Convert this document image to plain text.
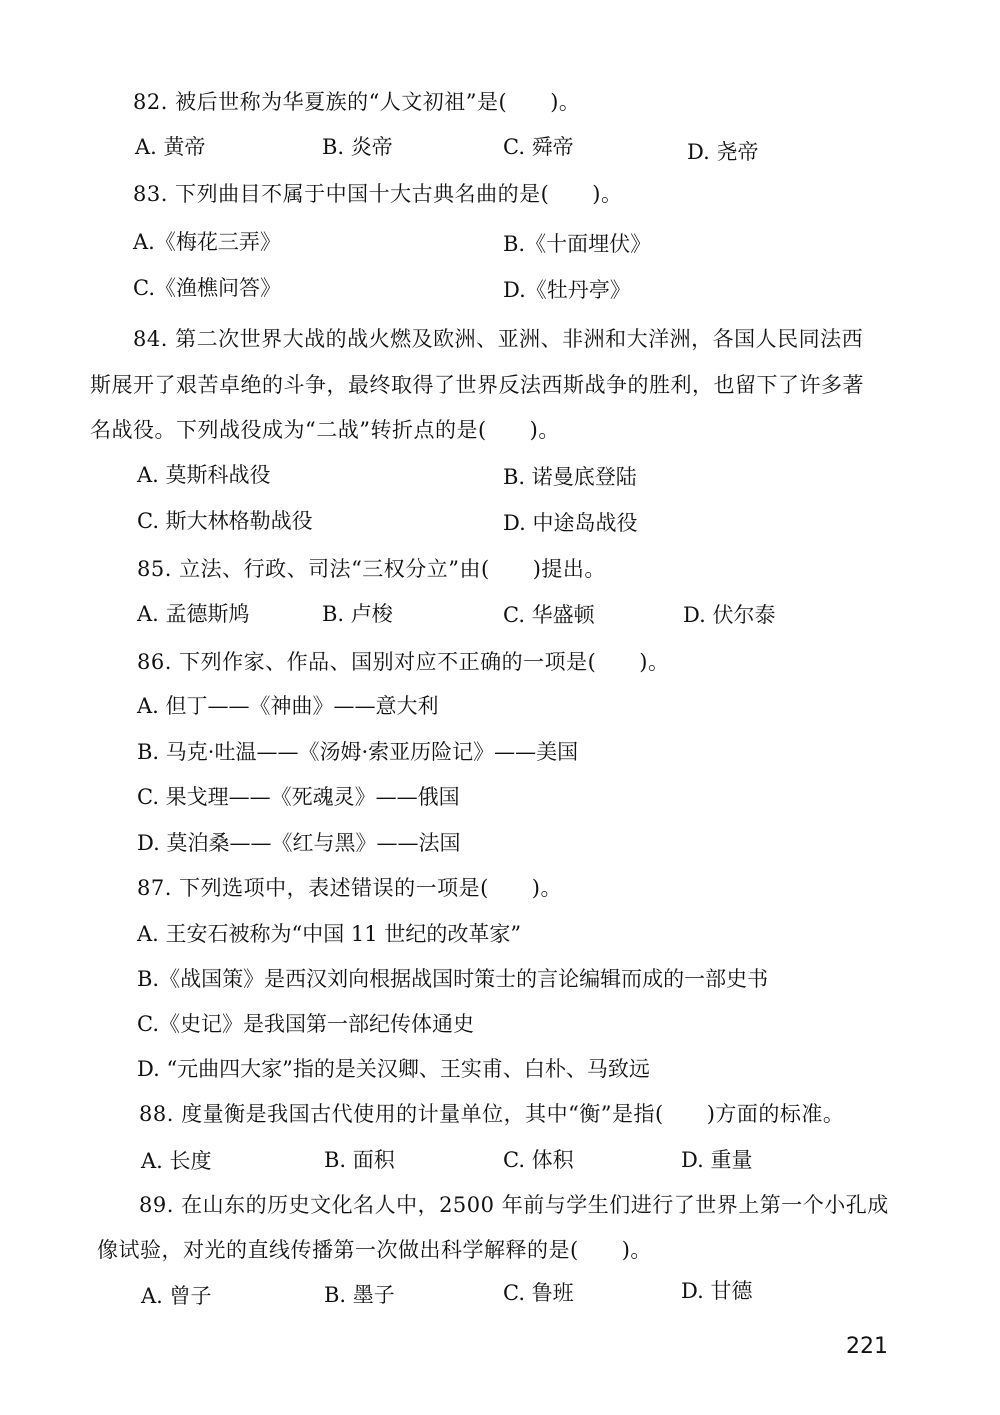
82. 被后世称为华夏族的“人文初祖”是(　　)。
A. 黄帝	B. 炎帝	C. 舜帝	D. 尧帝
83. 下列曲目不属于中国十大古典名曲的是(　　)。
A.《梅花三弄》	B.《十面埋伏》
C.《渔樵问答》	D.《牡丹亭》
84. 第二次世界大战的战火燃及欧洲、亚洲、非洲和大洋洲，各国人民同法西
斯展开了艰苦卓绝的斗争，最终取得了世界反法西斯战争的胜利，也留下了许多著
名战役。下列战役成为“二战”转折点的是(　　)。
A. 莫斯科战役	B. 诺曼底登陆
C. 斯大林格勒战役	D. 中途岛战役
85. 立法、行政、司法“三权分立”由(　　)提出。
A. 孟德斯鸠	B. 卢梭	C. 华盛顿	D. 伏尔泰
86. 下列作家、作品、国别对应不正确的一项是(　　)。
A. 但丁——《神曲》——意大利
B. 马克·吐温——《汤姆·索亚历险记》——美国
C. 果戈理——《死魂灵》——俄国
D. 莫泊桑——《红与黑》——法国
87. 下列选项中，表述错误的一项是(　　)。
A. 王安石被称为“中国 11 世纪的改革家”
B.《战国策》是西汉刘向根据战国时策士的言论编辑而成的一部史书
C.《史记》是我国第一部纪传体通史
D. “元曲四大家”指的是关汉卿、王实甫、白朴、马致远
88. 度量衡是我国古代使用的计量单位，其中“衡”是指(　　)方面的标准。
A. 长度	B. 面积	C. 体积	D. 重量
89. 在山东的历史文化名人中，2500 年前与学生们进行了世界上第一个小孔成
像试验，对光的直线传播第一次做出科学解释的是(　　)。
A. 曾子	B. 墨子	C. 鲁班	D. 甘德
221
